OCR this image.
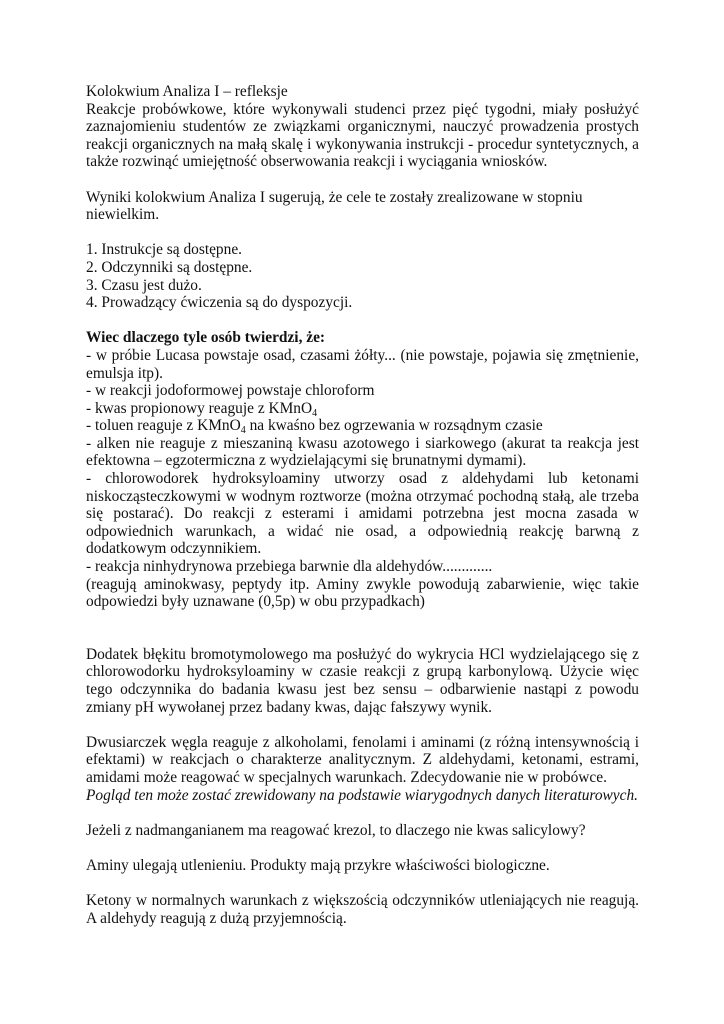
Kolokwium Analiza I – refleksje

Reakcje probówkowe, które wykonywali studenci przez pięć tygodni, miały posłużyć zaznajomieniu studentów ze związkami organicznymi, nauczyć prowadzenia prostych reakcji organicznych na małą skalę i wykonywania instrukcji - procedur syntetycznych, a także rozwinąć umiejętność obserwowania reakcji i wyciągania wniosków.

Wyniki kolokwium Analiza I sugerują, że cele te zostały zrealizowane w stopniu niewielkim.

1. Instrukcje są dostępne.
2. Odczynniki są dostępne.
3. Czasu jest dużo.
4. Prowadzący ćwiczenia są do dyspozycji.

Wiec dlaczego tyle osób twierdzi, że:

- w próbie Lucasa powstaje osad, czasami żółty... (nie powstaje, pojawia się zmętnienie, emulsja itp).

- w reakcji jodoformowej powstaje chloroform

- kwas propionowy reaguje z KMnO$_4$

- toluen reaguje z KMnO$_4$ na kwaśno bez ogrzewania w rozsądnym czasie

- alken nie reaguje z mieszaniną kwasu azotowego i siarkowego (akurat ta reakcja jest efektowna – egzotermiczna z wydzielającymi się brunatnymi dymami).

- chlorowodorek hydroksyloaminy utworzy osad z aldehydami lub ketonami niskocząsteczkowymi w wodnym roztworze (można otrzymać pochodną stałą, ale trzeba się postarać). Do reakcji z esterami i amidami potrzebna jest mocna zasada w odpowiednich warunkach, a widać nie osad, a odpowiednią reakcję barwną z dodatkowym odczynnikiem.

- reakcja ninhydrynowa przebiega barwnie dla aldehydów.............

(reagują aminokwasy, peptydy itp. Aminy zwykle powodują zabarwienie, więc takie odpowiedzi były uznawane (0,5p) w obu przypadkach)

Dodatek błękitu bromotymolowego ma posłużyć do wykrycia HCl wydzielającego się z chlorowodorku hydroksyloaminy w czasie reakcji z grupą karbonylową. Użycie więc tego odczynnika do badania kwasu jest bez sensu – odbarwienie nastąpi z powodu zmiany pH wywołanej przez badany kwas, dając fałszywy wynik.

Dwusiarczek węgla reaguje z alkoholami, fenolami i aminami (z różną intensywnością i efektami) w reakcjach o charakterze analitycznym. Z aldehydami, ketonami, estrami, amidami może reagować w specjalnych warunkach. Zdecydowanie nie w probówce.

Pogląd ten może zostać zrewidowany na podstawie wiarygodnych danych literaturowych.

Jeżeli z nadmanganianem ma reagować krezol, to dlaczego nie kwas salicylowy?

Aminy ulegają utlenieniu. Produkty mają przykre właściwości biologiczne.

Ketony w normalnych warunkach z większością odczynników utleniających nie reagują. A aldehydy reagują z dużą przyjemnością.
